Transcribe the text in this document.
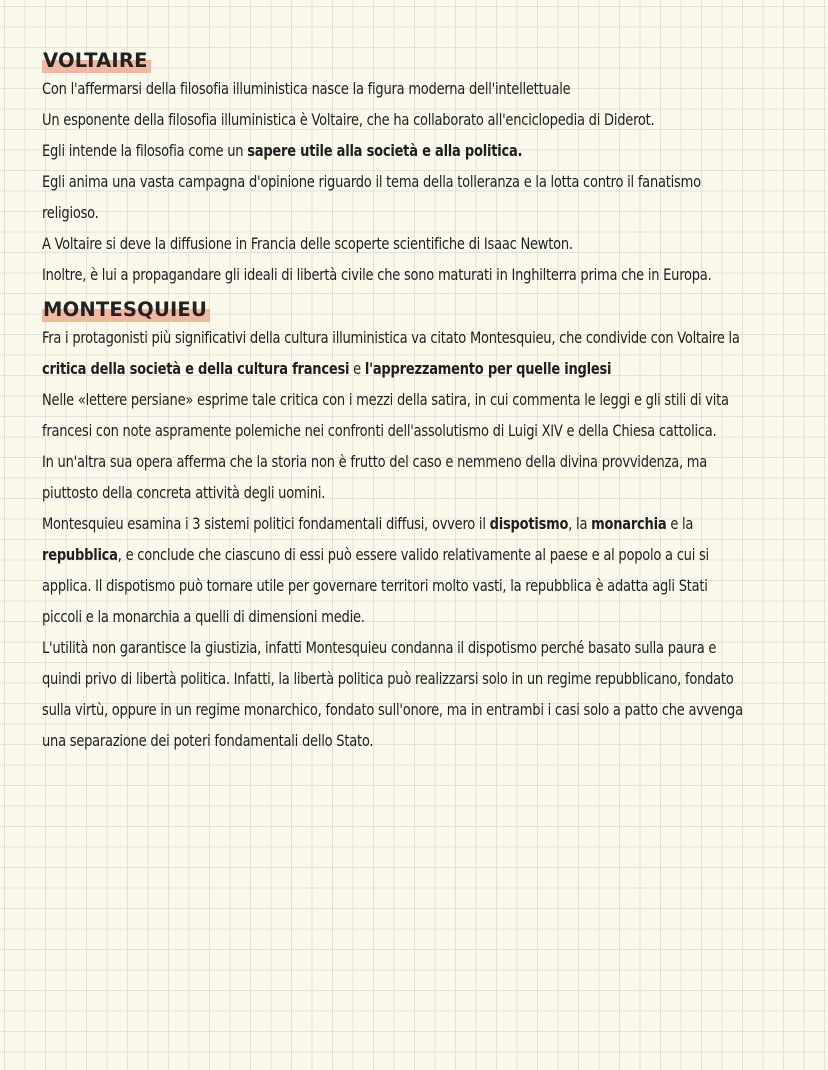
VOLTAIRE

Con l'affermarsi della filosofia illuministica nasce la figura moderna dell'intellettuale

Un esponente della filosofia illuministica è Voltaire, che ha collaborato all'enciclopedia di Diderot.

Egli intende la filosofia come un sapere utile alla società e alla politica.

Egli anima una vasta campagna d'opinione riguardo il tema della tolleranza e la lotta contro il fanatismo religioso.

A Voltaire si deve la diffusione in Francia delle scoperte scientifiche di Isaac Newton.

Inoltre, è lui a propagandare gli ideali di libertà civile che sono maturati in Inghilterra prima che in Europa.

MONTESQUIEU

Fra i protagonisti più significativi della cultura illuministica va citato Montesquieu, che condivide con Voltaire la critica della società e della cultura francesi e l'apprezzamento per quelle inglesi

Nelle «lettere persiane» esprime tale critica con i mezzi della satira, in cui commenta le leggi e gli stili di vita francesi con note aspramente polemiche nei confronti dell'assolutismo di Luigi XIV e della Chiesa cattolica.

In un'altra sua opera afferma che la storia non è frutto del caso e nemmeno della divina provvidenza, ma piuttosto della concreta attività degli uomini.

Montesquieu esamina i 3 sistemi politici fondamentali diffusi, ovvero il dispotismo, la monarchia e la repubblica, e conclude che ciascuno di essi può essere valido relativamente al paese e al popolo a cui si applica. Il dispotismo può tornare utile per governare territori molto vasti, la repubblica è adatta agli Stati piccoli e la monarchia a quelli di dimensioni medie.

L'utilità non garantisce la giustizia, infatti Montesquieu condanna il dispotismo perché basato sulla paura e quindi privo di libertà politica. Infatti, la libertà politica può realizzarsi solo in un regime repubblicano, fondato sulla virtù, oppure in un regime monarchico, fondato sull'onore, ma in entrambi i casi solo a patto che avvenga una separazione dei poteri fondamentali dello Stato.
